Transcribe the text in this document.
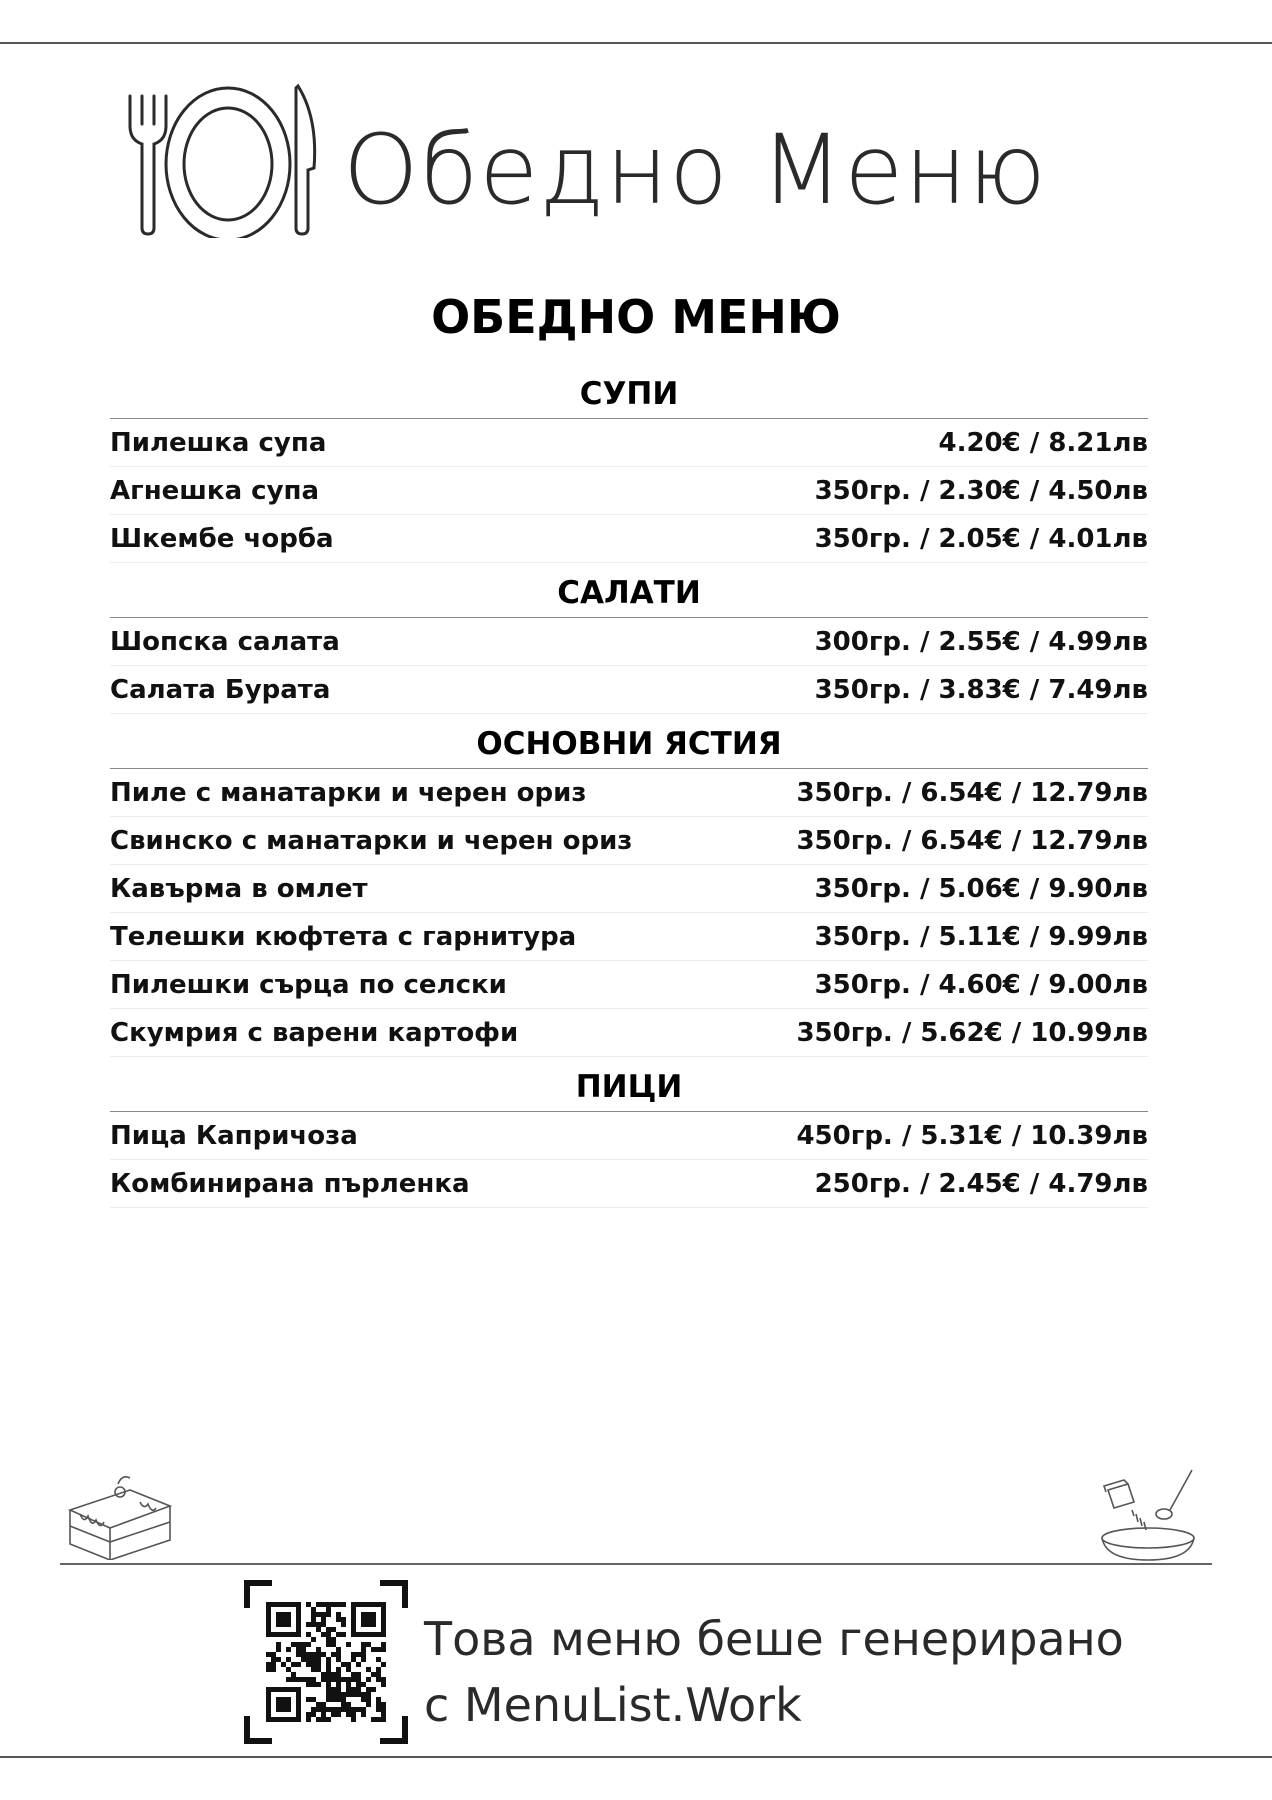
Обедно Меню
ОБЕДНО МЕНЮ
СУПИ
Пилешка супа	4.20€ / 8.21лв
Агнешка супа	350гр. / 2.30€ / 4.50лв
Шкембе чорба	350гр. / 2.05€ / 4.01лв
САЛАТИ
Шопска салата	300гр. / 2.55€ / 4.99лв
Салата Бурата	350гр. / 3.83€ / 7.49лв
ОСНОВНИ ЯСТИЯ
Пиле с манатарки и черен ориз	350гр. / 6.54€ / 12.79лв
Свинско с манатарки и черен ориз	350гр. / 6.54€ / 12.79лв
Кавърма в омлет	350гр. / 5.06€ / 9.90лв
Телешки кюфтета с гарнитура	350гр. / 5.11€ / 9.99лв
Пилешки сърца по селски	350гр. / 4.60€ / 9.00лв
Скумрия с варени картофи	350гр. / 5.62€ / 10.99лв
ПИЦИ
Пица Капричоза	450гр. / 5.31€ / 10.39лв
Комбинирана пърленка	250гр. / 2.45€ / 4.79лв
Това меню беше генерирано
с MenuList.Work
